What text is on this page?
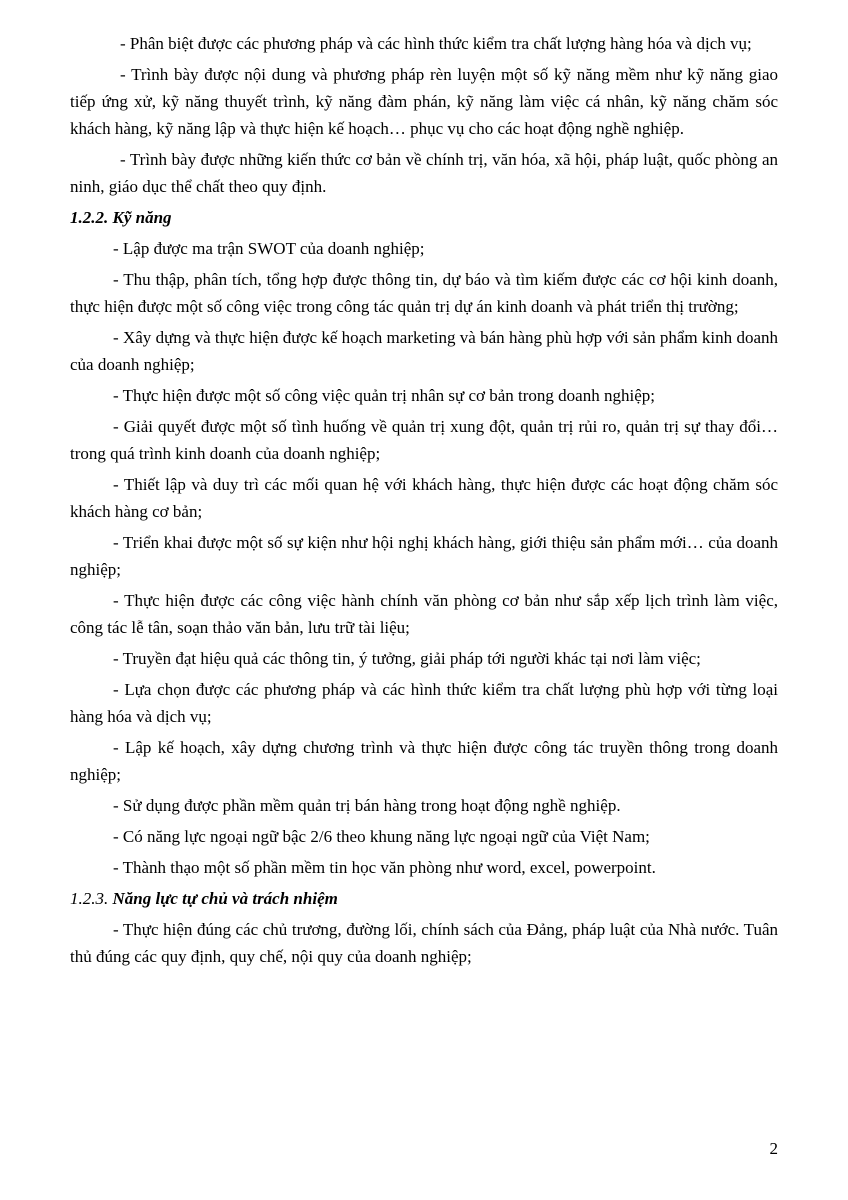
- Phân biệt được các phương pháp và các hình thức kiểm tra chất lượng hàng hóa và dịch vụ;

- Trình bày được nội dung và phương pháp rèn luyện một số kỹ năng mềm như kỹ năng giao tiếp ứng xử, kỹ năng thuyết trình, kỹ năng đàm phán, kỹ năng làm việc cá nhân, kỹ năng chăm sóc khách hàng, kỹ năng lập và thực hiện kế hoạch… phục vụ cho các hoạt động nghề nghiệp.

- Trình bày được những kiến thức cơ bản về chính trị, văn hóa, xã hội, pháp luật, quốc phòng an ninh, giáo dục thể chất theo quy định.

1.2.2. Kỹ năng

- Lập được ma trận SWOT của doanh nghiệp;

- Thu thập, phân tích, tổng hợp được thông tin, dự báo và tìm kiếm được các cơ hội kinh doanh, thực hiện được một số công việc trong công tác quản trị dự án kinh doanh và phát triển thị trường;

- Xây dựng và thực hiện được kế hoạch marketing và bán hàng phù hợp với sản phẩm kinh doanh của doanh nghiệp;

- Thực hiện được một số công việc quản trị nhân sự cơ bản trong doanh nghiệp;

- Giải quyết được một số tình huống về quản trị xung đột, quản trị rủi ro, quản trị sự thay đổi… trong quá trình kinh doanh của doanh nghiệp;

- Thiết lập và duy trì các mối quan hệ với khách hàng, thực hiện được các hoạt động chăm sóc khách hàng cơ bản;

- Triển khai được một số sự kiện như hội nghị khách hàng, giới thiệu sản phẩm mới… của doanh nghiệp;

- Thực hiện được các công việc hành chính văn phòng cơ bản như sắp xếp lịch trình làm việc, công tác lễ tân, soạn thảo văn bản, lưu trữ tài liệu;

- Truyền đạt hiệu quả các thông tin, ý tưởng, giải pháp tới người khác tại nơi làm việc;

- Lựa chọn được các phương pháp và các hình thức kiểm tra chất lượng phù hợp với từng loại hàng hóa và dịch vụ;

- Lập kế hoạch, xây dựng chương trình và thực hiện được công tác truyền thông trong doanh nghiệp;

- Sử dụng được phần mềm quản trị bán hàng trong hoạt động nghề nghiệp.

- Có năng lực ngoại ngữ bậc 2/6 theo khung năng lực ngoại ngữ của Việt Nam;

- Thành thạo một số phần mềm tin học văn phòng như word, excel, powerpoint.

1.2.3. Năng lực tự chủ và trách nhiệm

- Thực hiện đúng các chủ trương, đường lối, chính sách của Đảng, pháp luật của Nhà nước. Tuân thủ đúng các quy định, quy chế, nội quy của doanh nghiệp;

2
